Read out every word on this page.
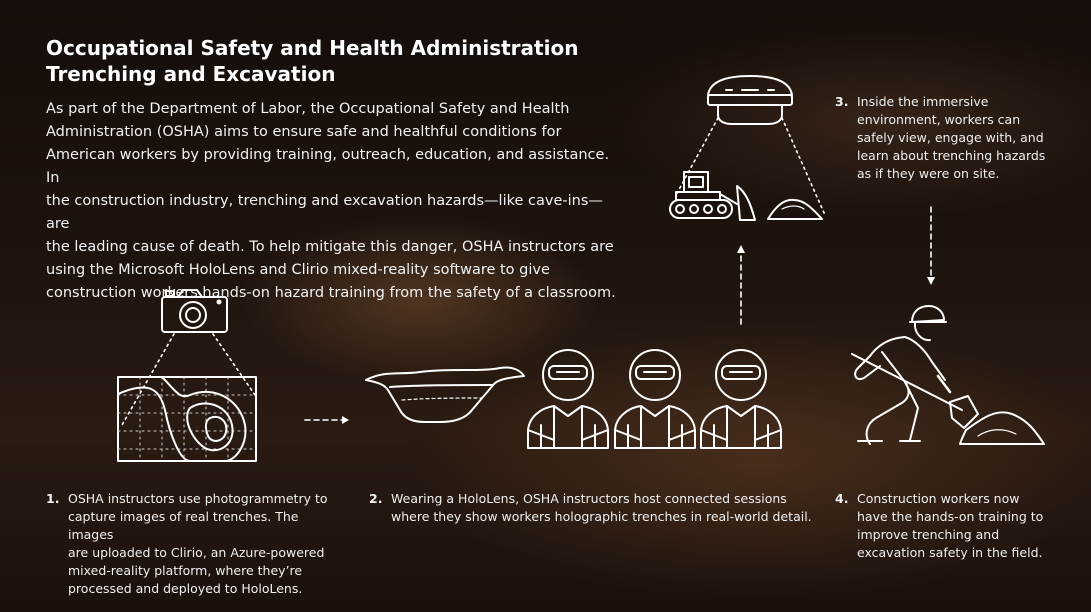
Occupational Safety and Health Administration
Trenching and Excavation

As part of the Department of Labor, the Occupational Safety and Health
Administration (OSHA) aims to ensure safe and healthful conditions for
American workers by providing training, outreach, education, and assistance. In
the construction industry, trenching and excavation hazards—like cave-ins—are
the leading cause of death. To help mitigate this danger, OSHA instructors are
using the Microsoft HoloLens and Clirio mixed-reality software to give
construction workers hands-on hazard training from the safety of a classroom.

1. OSHA instructors use photogrammetry to
capture images of real trenches. The images
are uploaded to Clirio, an Azure-powered
mixed-reality platform, where they’re
processed and deployed to HoloLens.
2. Wearing a HoloLens, OSHA instructors host connected sessions
where they show workers holographic trenches in real-world detail.
3. Inside the immersive
environment, workers can
safely view, engage with, and
learn about trenching hazards
as if they were on site.
4. Construction workers now
have the hands-on training to
improve trenching and
excavation safety in the field.
